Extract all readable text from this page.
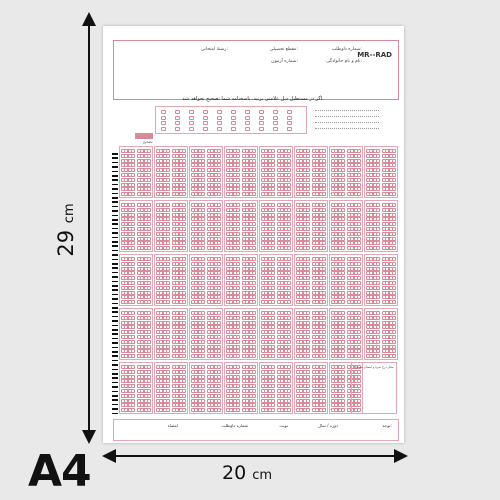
29 cm
20 cm
A4
MR--RAD
شماره داوطلب:
مقطع تحصیلی:
رشتهٔ امتحانی:
نام و نام خانوادگی:
شماره آزمون:
اگر در مستطیل ذیل علامتی بزنید، پاسخنامه شما تصحیح نخواهد شد.
تصحیح
محل درج نمره و امضای مصحح
توجه:
دوره / سال
نوبت
شماره داوطلب
امضاء
